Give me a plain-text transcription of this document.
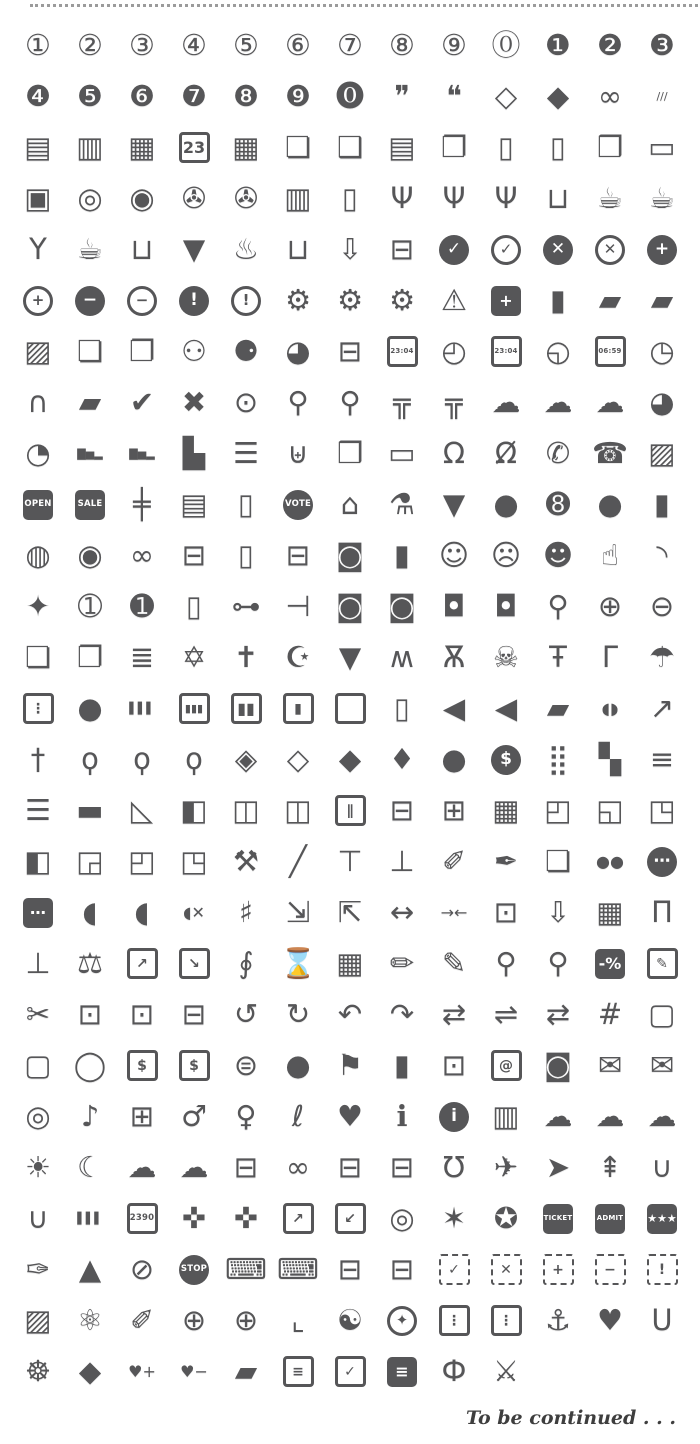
① ② ③ ④ ⑤ ⑥ ⑦ ⑧ ⑨ ⓪ ❶ ❷ ❸
❹ ❺ ❻ ❼ ❽ ❾ ⓿ ❞ ❝ ◇ ◆ ∞	///
▤ ▥ ▦ 23 ▦ ❏ ❑ ▤ ❐ ▯ ▯ ❒ ▭
▣ ◎ ◉ ✇ ✇ ▥ ▯ Ψ Ψ Ψ ⊔ ☕ ☕
Y ☕ ⊔ ▼ ♨ ⊔ ⇩ ⊟	✓	✓	✕	✕	+
+	−	−	!	!	⚙ ⚙ ⚙ ⚠	+ ▮ ▰ ▰
▨ ❏ ❐ ⚇ ⚈ ◕ ⊟	23:04 ◴	23:04 ◵	06:59 ◷
∩ ▰ ✔ ✖ ⊙ ⚲ ⚲ ╦ ╦ ☁ ☁ ☁ ◕
◔ ▇▅▂ ▇▅▂ ▙ ☰ ⊎ ❒ ▭ Ω Ω̸ ✆ ☎ ▨
OPEN	SALE ╪ ▤ ▯	VOTE ⌂ ⚗ ▼ ● ➑ ● ▮
◍ ◉ ∞ ⊟ ▯ ⊟ ◙ ▮ ☺ ☹ ☻ ☝ ◝
✦ ➀ ➊ ▯ ⊶ ⊣ ◙ ◙ ◘ ◘ ⚲ ⊕ ⊖
❏ ❐ ≣ ✡ ✝ ☪ ▼ ʍ Ѫ ☠ Ŧ Γ ☂
⋮ ● ▌▌▌	▮▮▮	▮▮	▮
	▯ ◀ ◀ ▰ ◖◗ ↗
† ϙ ϙ ϙ ◈ ◇ ◆ ♦ ●	$	⣿ ▚ ≡
☰ ▬ ◺ ◧ ◫ ◫	∥	⊟ ⊞ ▦ ◰ ◱ ◳
◧ ◲ ◰ ◳ ⚒ ╱ ⊤ ⊥ ✐ ✒ ❏ ●●	⋯
⋯ ◖ ◖ ◖✕ ♯ ⇲ ⇱ ↔ →← ⊡ ⇩ ▦ Π
⊥ ⚖	↗	↘	∮ ⌛ ▦ ✏ ✎ ⚲ ⚲ -%	✎
✂ ⊡ ⊡ ⊟ ↺ ↻ ↶ ↷ ⇄ ⇌ ⇄ # ▢
▢ ◯	$	$	⊜ ● ⚑ ▮ ⊡	@ ◙ ✉ ✉
◎ ♪ ⊞ ♂ ♀ ℓ ♥ ℹ	i	▥ ☁ ☁ ☁
☀ ☾ ☁ ☁ ⊟ ∞ ⊟ ⊟ Ʊ ✈ ➤ ⇞ ∪
∪	▌▌▌	2390 ✜ ✜	↗	↙	◎ ✶ ✪	TICKET	ADMIT ★★★
✑ ▲ ⊘	STOP ⌨ ⌨ ⊟ ⊟	✓	✕	+	−	!
▨ ⚛ ✐ ⊕ ⊕ ⌞ ☯	✦	⋮	⋮ ⚓ ♥ U
☸ ◆ ♥+ ♥− ▰	≡	✓	≡ Ф ⚔
To be continued . . .
